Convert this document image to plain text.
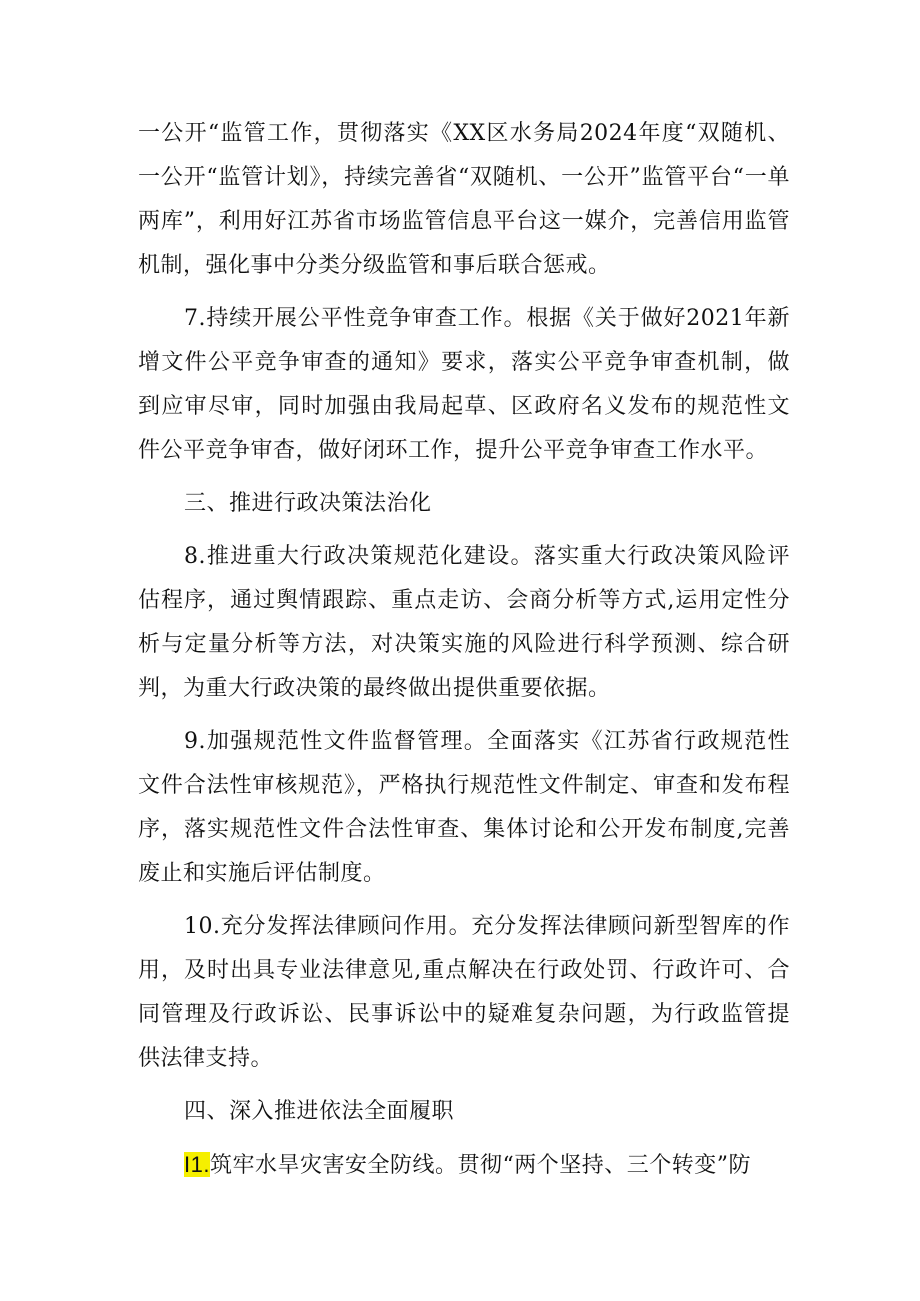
一公开“监管工作，贯彻落实《XX区水务局2024年度“双随机、一公开“监管计划》，持续完善省“双随机、一公开”监管平台“一单两库”，利用好江苏省市场监管信息平台这一媒介，完善信用监管机制，强化事中分类分级监管和事后联合惩戒。

7.持续开展公平性竞争审查工作。根据《关于做好2021年新增文件公平竞争审查的通知》要求，落实公平竞争审查机制，做到应审尽审，同时加强由我局起草、区政府名义发布的规范性文件公平竞争审杳，做好闭环工作，提升公平竞争审查工作水平。

三、推进行政决策法治化

8.推进重大行政决策规范化建设。落实重大行政决策风险评估程序，通过舆情跟踪、重点走访、会商分析等方式,运用定性分析与定量分析等方法，对决策实施的风险进行科学预测、综合研判，为重大行政决策的最终做出提供重要依据。

9.加强规范性文件监督管理。全面落实《江苏省行政规范性文件合法性审核规范》，严格执行规范性文件制定、审查和发布程序，落实规范性文件合法性审查、集体讨论和公开发布制度,完善废止和实施后评估制度。

10.充分发挥法律顾问作用。充分发挥法律顾问新型智库的作用，及时出具专业法律意见,重点解决在行政处罚、行政许可、合同管理及行政诉讼、民事诉讼中的疑难复杂问题，为行政监管提供法律支持。

四、深入推进依法全面履职

I1.筑牢水旱灾害安全防线。贯彻“两个坚持、三个转变”防
